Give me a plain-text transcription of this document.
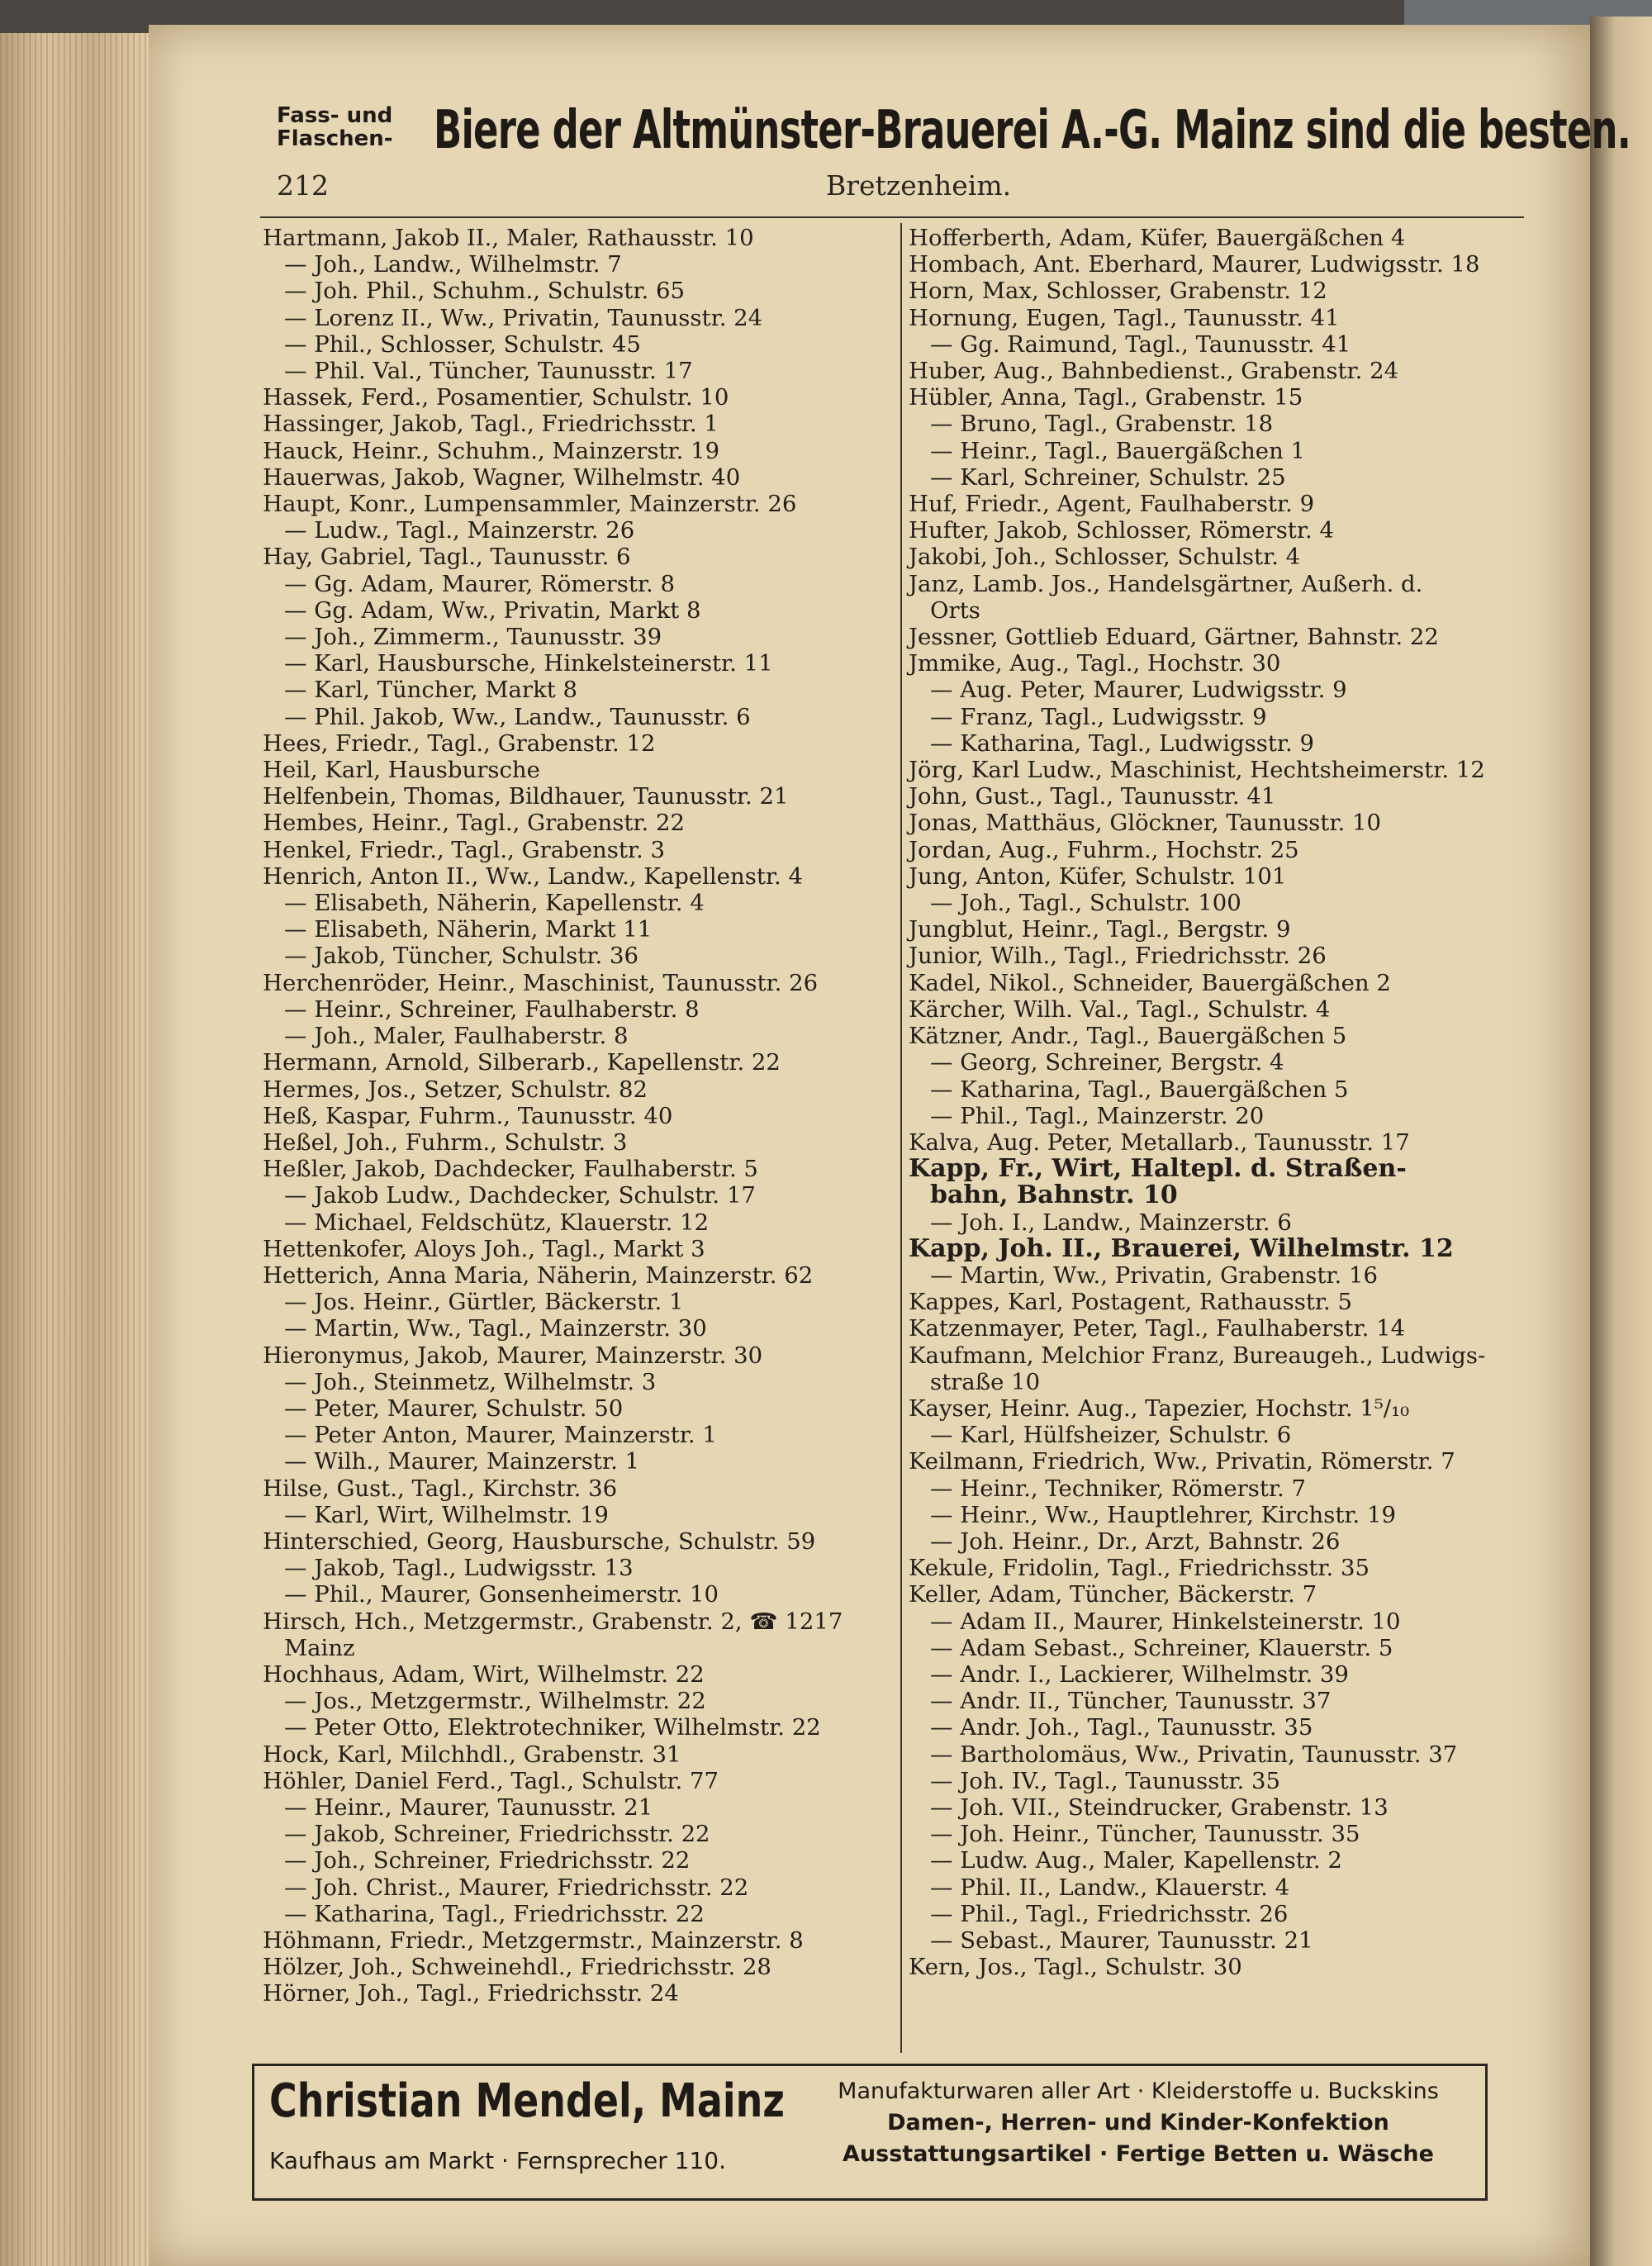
Fass- und
Flaschen- Biere der Altmünster-Brauerei A.-G. Mainz sind die besten.
212	Bretzenheim.
Hartmann, Jakob II., Maler, Rathausstr. 10
— Joh., Landw., Wilhelmstr. 7
— Joh. Phil., Schuhm., Schulstr. 65
— Lorenz II., Ww., Privatin, Taunusstr. 24
— Phil., Schlosser, Schulstr. 45
— Phil. Val., Tüncher, Taunusstr. 17
Hassek, Ferd., Posamentier, Schulstr. 10
Hassinger, Jakob, Tagl., Friedrichsstr. 1
Hauck, Heinr., Schuhm., Mainzerstr. 19
Hauerwas, Jakob, Wagner, Wilhelmstr. 40
Haupt, Konr., Lumpensammler, Mainzerstr. 26
— Ludw., Tagl., Mainzerstr. 26
Hay, Gabriel, Tagl., Taunusstr. 6
— Gg. Adam, Maurer, Römerstr. 8
— Gg. Adam, Ww., Privatin, Markt 8
— Joh., Zimmerm., Taunusstr. 39
— Karl, Hausbursche, Hinkelsteinerstr. 11
— Karl, Tüncher, Markt 8
— Phil. Jakob, Ww., Landw., Taunusstr. 6
Hees, Friedr., Tagl., Grabenstr. 12
Heil, Karl, Hausbursche
Helfenbein, Thomas, Bildhauer, Taunusstr. 21
Hembes, Heinr., Tagl., Grabenstr. 22
Henkel, Friedr., Tagl., Grabenstr. 3
Henrich, Anton II., Ww., Landw., Kapellenstr. 4
— Elisabeth, Näherin, Kapellenstr. 4
— Elisabeth, Näherin, Markt 11
— Jakob, Tüncher, Schulstr. 36
Herchenröder, Heinr., Maschinist, Taunusstr. 26
— Heinr., Schreiner, Faulhaberstr. 8
— Joh., Maler, Faulhaberstr. 8
Hermann, Arnold, Silberarb., Kapellenstr. 22
Hermes, Jos., Setzer, Schulstr. 82
Heß, Kaspar, Fuhrm., Taunusstr. 40
Heßel, Joh., Fuhrm., Schulstr. 3
Heßler, Jakob, Dachdecker, Faulhaberstr. 5
— Jakob Ludw., Dachdecker, Schulstr. 17
— Michael, Feldschütz, Klauerstr. 12
Hettenkofer, Aloys Joh., Tagl., Markt 3
Hetterich, Anna Maria, Näherin, Mainzerstr. 62
— Jos. Heinr., Gürtler, Bäckerstr. 1
— Martin, Ww., Tagl., Mainzerstr. 30
Hieronymus, Jakob, Maurer, Mainzerstr. 30
— Joh., Steinmetz, Wilhelmstr. 3
— Peter, Maurer, Schulstr. 50
— Peter Anton, Maurer, Mainzerstr. 1
— Wilh., Maurer, Mainzerstr. 1
Hilse, Gust., Tagl., Kirchstr. 36
— Karl, Wirt, Wilhelmstr. 19
Hinterschied, Georg, Hausbursche, Schulstr. 59
— Jakob, Tagl., Ludwigsstr. 13
— Phil., Maurer, Gonsenheimerstr. 10
Hirsch, Hch., Metzgermstr., Grabenstr. 2, ☎ 1217
Mainz
Hochhaus, Adam, Wirt, Wilhelmstr. 22
— Jos., Metzgermstr., Wilhelmstr. 22
— Peter Otto, Elektrotechniker, Wilhelmstr. 22
Hock, Karl, Milchhdl., Grabenstr. 31
Höhler, Daniel Ferd., Tagl., Schulstr. 77
— Heinr., Maurer, Taunusstr. 21
— Jakob, Schreiner, Friedrichsstr. 22
— Joh., Schreiner, Friedrichsstr. 22
— Joh. Christ., Maurer, Friedrichsstr. 22
— Katharina, Tagl., Friedrichsstr. 22
Höhmann, Friedr., Metzgermstr., Mainzerstr. 8
Hölzer, Joh., Schweinehdl., Friedrichsstr. 28
Hörner, Joh., Tagl., Friedrichsstr. 24
Hofferberth, Adam, Küfer, Bauergäßchen 4
Hombach, Ant. Eberhard, Maurer, Ludwigsstr. 18
Horn, Max, Schlosser, Grabenstr. 12
Hornung, Eugen, Tagl., Taunusstr. 41
— Gg. Raimund, Tagl., Taunusstr. 41
Huber, Aug., Bahnbedienst., Grabenstr. 24
Hübler, Anna, Tagl., Grabenstr. 15
— Bruno, Tagl., Grabenstr. 18
— Heinr., Tagl., Bauergäßchen 1
— Karl, Schreiner, Schulstr. 25
Huf, Friedr., Agent, Faulhaberstr. 9
Hufter, Jakob, Schlosser, Römerstr. 4
Jakobi, Joh., Schlosser, Schulstr. 4
Janz, Lamb. Jos., Handelsgärtner, Außerh. d.
Orts
Jessner, Gottlieb Eduard, Gärtner, Bahnstr. 22
Jmmike, Aug., Tagl., Hochstr. 30
— Aug. Peter, Maurer, Ludwigsstr. 9
— Franz, Tagl., Ludwigsstr. 9
— Katharina, Tagl., Ludwigsstr. 9
Jörg, Karl Ludw., Maschinist, Hechtsheimerstr. 12
John, Gust., Tagl., Taunusstr. 41
Jonas, Matthäus, Glöckner, Taunusstr. 10
Jordan, Aug., Fuhrm., Hochstr. 25
Jung, Anton, Küfer, Schulstr. 101
— Joh., Tagl., Schulstr. 100
Jungblut, Heinr., Tagl., Bergstr. 9
Junior, Wilh., Tagl., Friedrichsstr. 26
Kadel, Nikol., Schneider, Bauergäßchen 2
Kärcher, Wilh. Val., Tagl., Schulstr. 4
Kätzner, Andr., Tagl., Bauergäßchen 5
— Georg, Schreiner, Bergstr. 4
— Katharina, Tagl., Bauergäßchen 5
— Phil., Tagl., Mainzerstr. 20
Kalva, Aug. Peter, Metallarb., Taunusstr. 17
Kapp, Fr., Wirt, Haltepl. d. Straßen-
bahn, Bahnstr. 10
— Joh. I., Landw., Mainzerstr. 6
Kapp, Joh. II., Brauerei, Wilhelmstr. 12
— Martin, Ww., Privatin, Grabenstr. 16
Kappes, Karl, Postagent, Rathausstr. 5
Katzenmayer, Peter, Tagl., Faulhaberstr. 14
Kaufmann, Melchior Franz, Bureaugeh., Ludwigs-
straße 10
Kayser, Heinr. Aug., Tapezier, Hochstr. 1⁵/₁₀
— Karl, Hülfsheizer, Schulstr. 6
Keilmann, Friedrich, Ww., Privatin, Römerstr. 7
— Heinr., Techniker, Römerstr. 7
— Heinr., Ww., Hauptlehrer, Kirchstr. 19
— Joh. Heinr., Dr., Arzt, Bahnstr. 26
Kekule, Fridolin, Tagl., Friedrichsstr. 35
Keller, Adam, Tüncher, Bäckerstr. 7
— Adam II., Maurer, Hinkelsteinerstr. 10
— Adam Sebast., Schreiner, Klauerstr. 5
— Andr. I., Lackierer, Wilhelmstr. 39
— Andr. II., Tüncher, Taunusstr. 37
— Andr. Joh., Tagl., Taunusstr. 35
— Bartholomäus, Ww., Privatin, Taunusstr. 37
— Joh. IV., Tagl., Taunusstr. 35
— Joh. VII., Steindrucker, Grabenstr. 13
— Joh. Heinr., Tüncher, Taunusstr. 35
— Ludw. Aug., Maler, Kapellenstr. 2
— Phil. II., Landw., Klauerstr. 4
— Phil., Tagl., Friedrichsstr. 26
— Sebast., Maurer, Taunusstr. 21
Kern, Jos., Tagl., Schulstr. 30
Christian Mendel, Mainz
Kaufhaus am Markt · Fernsprecher 110.
Manufakturwaren aller Art · Kleiderstoffe u. Buckskins
Damen-, Herren- und Kinder-Konfektion
Ausstattungsartikel · Fertige Betten u. Wäsche
